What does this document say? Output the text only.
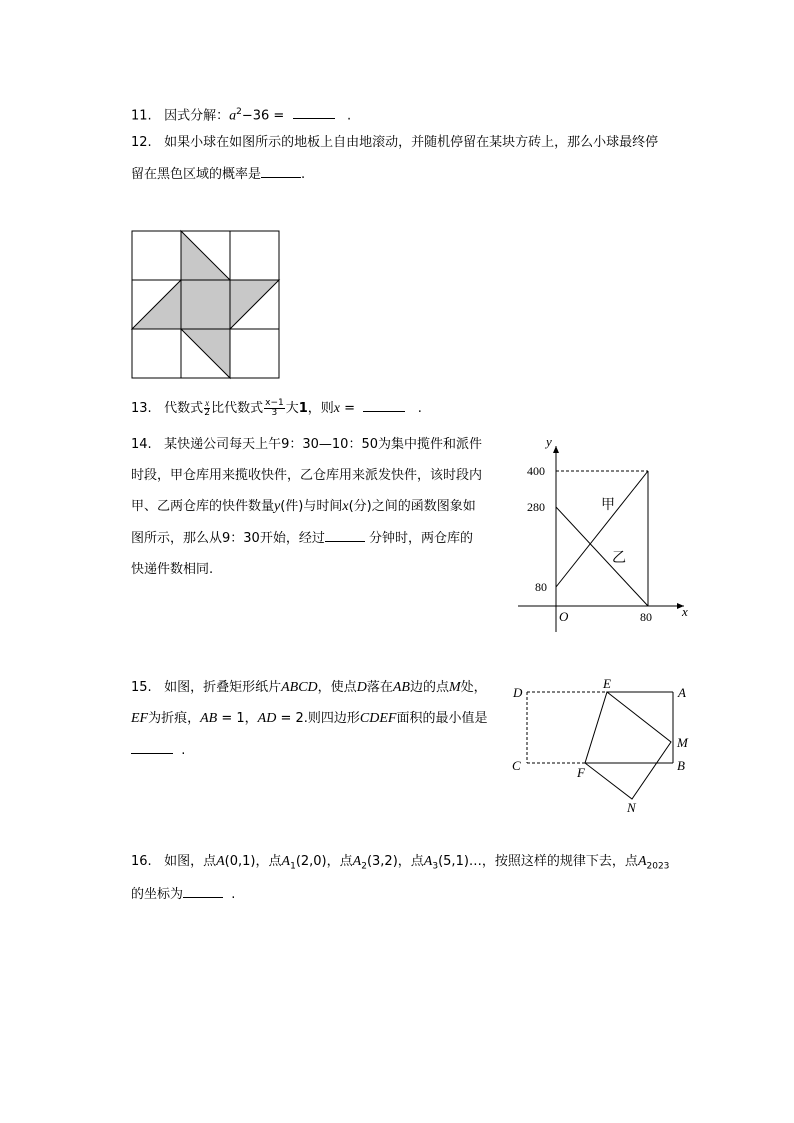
11. 因式分解：$a^2-36$ =	.
12. 如果小球在如图所示的地板上自由地滚动，并随机停留在某块方砖上，那么小球最终停
留在黑色区域的概率是	.
13. 代数式 $\frac{x}{2}$ 比代数式 $\frac{x-1}{3}$ 大1，则x =	.
14. 某快递公司每天上午9：30—10：50为集中揽件和派件
时段，甲仓库用来揽收快件，乙仓库用来派发快件，该时段内
甲、乙两仓库的快件数量y(件)与时间x(分)之间的函数图象如
图所示，那么从9：30开始，经过	分钟时，两仓库的
快递件数相同.
y
x
O
400
280
80
80
甲
乙
15. 如图，折叠矩形纸片ABCD，使点D落在AB边的点M处，
EF为折痕，AB = 1，AD = 2.则四边形CDEF面积的最小值是
.
D
E
A
M
C	F	B
N
16. 如图，点A(0,1)，点$A_1(2,0)$，点$A_2(3,2)$，点$A_3(5,1)\dots$，按照这样的规律下去，点$A_{2023}$
的坐标为	.
